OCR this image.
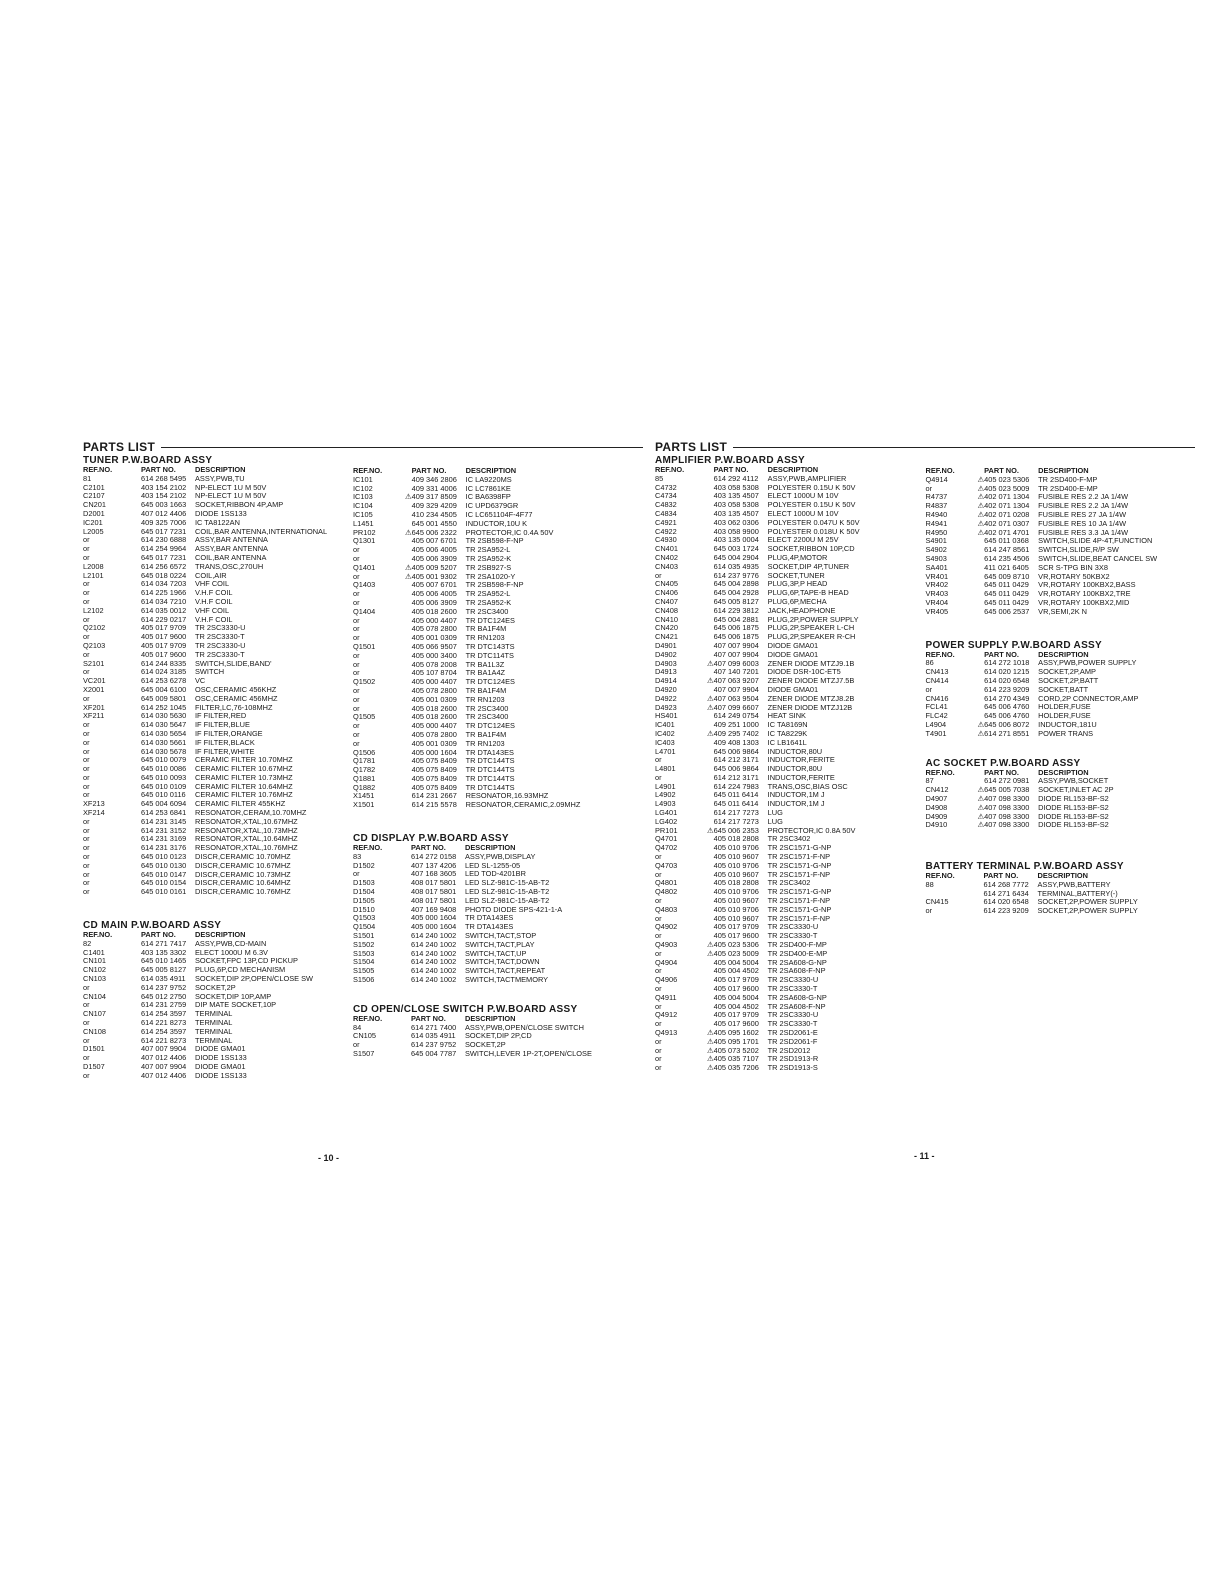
PARTS LIST
TUNER P.W.BOARD ASSY
REF.NO.		PART NO.	DESCRIPTION
81		614 268 5495	ASSY,PWB,TU
C2101		403 154 2102	NP-ELECT 1U M 50V
C2107		403 154 2102	NP-ELECT 1U M 50V
CN201		645 003 1663	SOCKET,RIBBON 4P,AMP
D2001		407 012 4406	DIODE 1SS133
IC201		409 325 7006	IC TA8122AN
L2005		645 017 7231	COIL,BAR ANTENNA,INTERNATIONAL
or		614 230 6888	ASSY,BAR ANTENNA
or		614 254 9964	ASSY,BAR ANTENNA
or		645 017 7231	COIL,BAR ANTENNA
L2008		614 256 6572	TRANS,OSC,270UH
L2101		645 018 0224	COIL,AIR
or		614 034 7203	VHF COIL
or		614 225 1966	V.H.F COIL
or		614 034 7210	V.H.F COIL
L2102		614 035 0012	VHF COIL
or		614 229 0217	V.H.F COIL
Q2102		405 017 9709	TR 2SC3330-U
or		405 017 9600	TR 2SC3330-T
Q2103		405 017 9709	TR 2SC3330-U
or		405 017 9600	TR 2SC3330-T
S2101		614 244 8335	SWITCH,SLIDE,BAND'
or		614 024 3185	SWITCH
VC201		614 253 6278	VC
X2001		645 004 6100	OSC,CERAMIC 456KHZ
or		645 009 5801	OSC,CERAMIC 456MHZ
XF201		614 252 1045	FILTER,LC,76-108MHZ
XF211		614 030 5630	IF FILTER,RED
or		614 030 5647	IF FILTER,BLUE
or		614 030 5654	IF FILTER,ORANGE
or		614 030 5661	IF FILTER,BLACK
or		614 030 5678	IF FILTER,WHITE
or		645 010 0079	CERAMIC FILTER 10.70MHZ
or		645 010 0086	CERAMIC FILTER 10.67MHZ
or		645 010 0093	CERAMIC FILTER 10.73MHZ
or		645 010 0109	CERAMIC FILTER 10.64MHZ
or		645 010 0116	CERAMIC FILTER 10.76MHZ
XF213		645 004 6094	CERAMIC FILTER 455KHZ
XF214		614 253 6841	RESONATOR,CERAM,10.70MHZ
or		614 231 3145	RESONATOR,XTAL,10.67MHZ
or		614 231 3152	RESONATOR,XTAL,10.73MHZ
or		614 231 3169	RESONATOR,XTAL,10.64MHZ
or		614 231 3176	RESONATOR,XTAL,10.76MHZ
or		645 010 0123	DISCR,CERAMIC 10.70MHZ
or		645 010 0130	DISCR,CERAMIC 10.67MHZ
or		645 010 0147	DISCR,CERAMIC 10.73MHZ
or		645 010 0154	DISCR,CERAMIC 10.64MHZ
or		645 010 0161	DISCR,CERAMIC 10.76MHZ
CD MAIN P.W.BOARD ASSY
REF.NO.		PART NO.	DESCRIPTION
82		614 271 7417	ASSY,PWB,CD-MAIN
C1401		403 135 3302	ELECT 1000U M 6.3V
CN101		645 010 1465	SOCKET,FPC 13P,CD PICKUP
CN102		645 005 8127	PLUG,6P,CD MECHANISM
CN103		614 035 4911	SOCKET,DIP 2P,OPEN/CLOSE SW
or		614 237 9752	SOCKET,2P
CN104		645 012 2750	SOCKET,DIP 10P,AMP
or		614 231 2759	DIP MATE SOCKET,10P
CN107		614 254 3597	TERMINAL
or		614 221 8273	TERMINAL
CN108		614 254 3597	TERMINAL
or		614 221 8273	TERMINAL
D1501		407 007 9904	DIODE GMA01
or		407 012 4406	DIODE 1SS133
D1507		407 007 9904	DIODE GMA01
or		407 012 4406	DIODE 1SS133
REF.NO.		PART NO.	DESCRIPTION
IC101		409 346 2806	IC LA9220MS
IC102		409 331 4006	IC LC7861KE
IC103	⚠	409 317 8509	IC BA6398FP
IC104		409 329 4209	IC UPD6379GR
IC105		410 234 4505	IC LC651104F-4F77
L1451		645 001 4550	INDUCTOR,10U K
PR102	⚠	645 006 2322	PROTECTOR,IC 0.4A 50V
Q1301		405 007 6701	TR 2SB598-F-NP
or		405 006 4005	TR 2SA952-L
or		405 006 3909	TR 2SA952-K
Q1401	⚠	405 009 5207	TR 2SB927-S
or	⚠	405 001 9302	TR 2SA1020-Y
Q1403		405 007 6701	TR 2SB598-F-NP
or		405 006 4005	TR 2SA952-L
or		405 006 3909	TR 2SA952-K
Q1404		405 018 2600	TR 2SC3400
or		405 000 4407	TR DTC124ES
or		405 078 2800	TR BA1F4M
or		405 001 0309	TR RN1203
Q1501		405 066 9507	TR DTC143TS
or		405 000 3400	TR DTC114TS
or		405 078 2008	TR BA1L3Z
or		405 107 8704	TR BA1A4Z
Q1502		405 000 4407	TR DTC124ES
or		405 078 2800	TR BA1F4M
or		405 001 0309	TR RN1203
or		405 018 2600	TR 2SC3400
Q1505		405 018 2600	TR 2SC3400
or		405 000 4407	TR DTC124ES
or		405 078 2800	TR BA1F4M
or		405 001 0309	TR RN1203
Q1506		405 000 1604	TR DTA143ES
Q1781		405 075 8409	TR DTC144TS
Q1782		405 075 8409	TR DTC144TS
Q1881		405 075 8409	TR DTC144TS
Q1882		405 075 8409	TR DTC144TS
X1451		614 231 2667	RESONATOR,16.93MHZ
X1501		614 215 5578	RESONATOR,CERAMIC,2.09MHZ
CD DISPLAY P.W.BOARD ASSY
REF.NO.		PART NO.	DESCRIPTION
83		614 272 0158	ASSY,PWB,DISPLAY
D1502		407 137 4206	LED SL-1255-05
or		407 168 3605	LED TOD-4201BR
D1503		408 017 5801	LED SLZ-981C-15-AB-T2
D1504		408 017 5801	LED SLZ-981C-15-AB-T2
D1505		408 017 5801	LED SLZ-981C-15-AB-T2
D1510		407 169 9408	PHOTO DIODE SPS-421-1-A
Q1503		405 000 1604	TR DTA143ES
Q1504		405 000 1604	TR DTA143ES
S1501		614 240 1002	SWITCH,TACT,STOP
S1502		614 240 1002	SWITCH,TACT,PLAY
S1503		614 240 1002	SWITCH,TACT,UP
S1504		614 240 1002	SWITCH,TACT,DOWN
S1505		614 240 1002	SWITCH,TACT,REPEAT
S1506		614 240 1002	SWITCH,TACTMEMORY
CD OPEN/CLOSE SWITCH P.W.BOARD ASSY
REF.NO.		PART NO.	DESCRIPTION
84		614 271 7400	ASSY,PWB,OPEN/CLOSE SWITCH
CN105		614 035 4911	SOCKET,DIP 2P,CD
or		614 237 9752	SOCKET,2P
S1507		645 004 7787	SWITCH,LEVER 1P-2T,OPEN/CLOSE
- 10 -
PARTS LIST
AMPLIFIER P.W.BOARD ASSY
REF.NO.		PART NO.	DESCRIPTION
85		614 292 4112	ASSY,PWB,AMPLIFIER
C4732		403 058 5308	POLYESTER 0.15U K 50V
C4734		403 135 4507	ELECT 1000U M 10V
C4832		403 058 5308	POLYESTER 0.15U K 50V
C4834		403 135 4507	ELECT 1000U M 10V
C4921		403 062 0306	POLYESTER 0.047U K 50V
C4922		403 058 9900	POLYESTER 0.018U K 50V
C4930		403 135 0004	ELECT 2200U M 25V
CN401		645 003 1724	SOCKET,RIBBON 10P,CD
CN402		645 004 2904	PLUG,4P,MOTOR
CN403		614 035 4935	SOCKET,DIP 4P,TUNER
or		614 237 9776	SOCKET,TUNER
CN405		645 004 2898	PLUG,3P,P HEAD
CN406		645 004 2928	PLUG,6P,TAPE-B HEAD
CN407		645 005 8127	PLUG,6P,MECHA
CN408		614 229 3812	JACK,HEADPHONE
CN410		645 004 2881	PLUG,2P,POWER SUPPLY
CN420		645 006 1875	PLUG,2P,SPEAKER L-CH
CN421		645 006 1875	PLUG,2P,SPEAKER R-CH
D4901		407 007 9904	DIODE GMA01
D4902		407 007 9904	DIODE GMA01
D4903	⚠	407 099 6003	ZENER DIODE MTZJ9.1B
D4913		407 140 7201	DIODE DSR-10C-ET5
D4914	⚠	407 063 9207	ZENER DIODE MTZJ7.5B
D4920		407 007 9904	DIODE GMA01
D4922	⚠	407 063 9504	ZENER DIODE MTZJ8.2B
D4923	⚠	407 099 6607	ZENER DIODE MTZJ12B
HS401		614 249 0754	HEAT SINK
IC401		409 251 1000	IC TA8169N
IC402	⚠	409 295 7402	IC TA8229K
IC403		409 408 1303	IC LB1641L
L4701		645 006 9864	INDUCTOR,80U
or		614 212 3171	INDUCTOR,FERITE
L4801		645 006 9864	INDUCTOR,80U
or		614 212 3171	INDUCTOR,FERITE
L4901		614 224 7983	TRANS,OSC,BIAS OSC
L4902		645 011 6414	INDUCTOR,1M J
L4903		645 011 6414	INDUCTOR,1M J
LG401		614 217 7273	LUG
LG402		614 217 7273	LUG
PR101	⚠	645 006 2353	PROTECTOR,IC 0.8A 50V
Q4701		405 018 2808	TR 2SC3402
Q4702		405 010 9706	TR 2SC1571-G-NP
or		405 010 9607	TR 2SC1571-F-NP
Q4703		405 010 9706	TR 2SC1571-G-NP
or		405 010 9607	TR 2SC1571-F-NP
Q4801		405 018 2808	TR 2SC3402
Q4802		405 010 9706	TR 2SC1571-G-NP
or		405 010 9607	TR 2SC1571-F-NP
Q4803		405 010 9706	TR 2SC1571-G-NP
or		405 010 9607	TR 2SC1571-F-NP
Q4902		405 017 9709	TR 2SC3330-U
or		405 017 9600	TR 2SC3330-T
Q4903	⚠	405 023 5306	TR 2SD400-F-MP
or	⚠	405 023 5009	TR 2SD400-E-MP
Q4904		405 004 5004	TR 2SA608-G-NP
or		405 004 4502	TR 2SA608-F-NP
Q4906		405 017 9709	TR 2SC3330-U
or		405 017 9600	TR 2SC3330-T
Q4911		405 004 5004	TR 2SA608-G-NP
or		405 004 4502	TR 2SA608-F-NP
Q4912		405 017 9709	TR 2SC3330-U
or		405 017 9600	TR 2SC3330-T
Q4913	⚠	405 095 1602	TR 2SD2061-E
or	⚠	405 095 1701	TR 2SD2061-F
or	⚠	405 073 5202	TR 2SD2012
or	⚠	405 035 7107	TR 2SD1913-R
or	⚠	405 035 7206	TR 2SD1913-S
REF.NO.		PART NO.	DESCRIPTION
Q4914	⚠	405 023 5306	TR 2SD400-F-MP
or	⚠	405 023 5009	TR 2SD400-E-MP
R4737	⚠	402 071 1304	FUSIBLE RES 2.2 JA 1/4W
R4837	⚠	402 071 1304	FUSIBLE RES 2.2 JA 1/4W
R4940	⚠	402 071 0208	FUSIBLE RES 27 JA 1/4W
R4941	⚠	402 071 0307	FUSIBLE RES 10 JA 1/4W
R4950	⚠	402 071 4701	FUSIBLE RES 3.3 JA 1/4W
S4901		645 011 0368	SWITCH,SLIDE 4P-4T,FUNCTION
S4902		614 247 8561	SWITCH,SLIDE,R/P SW
S4903		614 235 4506	SWITCH,SLIDE,BEAT CANCEL SW
SA401		411 021 6405	SCR S-TPG BIN 3X8
VR401		645 009 8710	VR,ROTARY 50KBX2
VR402		645 011 0429	VR,ROTARY 100KBX2,BASS
VR403		645 011 0429	VR,ROTARY 100KBX2,TRE
VR404		645 011 0429	VR,ROTARY 100KBX2,MID
VR405		645 006 2537	VR,SEMI,2K N
POWER SUPPLY P.W.BOARD ASSY
REF.NO.		PART NO.	DESCRIPTION
86		614 272 1018	ASSY,PWB,POWER SUPPLY
CN413		614 020 1215	SOCKET,2P,AMP
CN414		614 020 6548	SOCKET,2P,BATT
or		614 223 9209	SOCKET,BATT
CN416		614 270 4349	CORD,2P CONNECTOR,AMP
FCL41		645 006 4760	HOLDER,FUSE
FLC42		645 006 4760	HOLDER,FUSE
L4904	⚠	645 006 8072	INDUCTOR,181U
T4901	⚠	614 271 8551	POWER TRANS
AC SOCKET P.W.BOARD ASSY
REF.NO.		PART NO.	DESCRIPTION
87		614 272 0981	ASSY,PWB,SOCKET
CN412	⚠	645 005 7038	SOCKET,INLET AC 2P
D4907	⚠	407 098 3300	DIODE RL153-BF-S2
D4908	⚠	407 098 3300	DIODE RL153-BF-S2
D4909	⚠	407 098 3300	DIODE RL153-BF-S2
D4910	⚠	407 098 3300	DIODE RL153-BF-S2
BATTERY TERMINAL P.W.BOARD ASSY
REF.NO.		PART NO.	DESCRIPTION
88		614 268 7772	ASSY,PWB,BATTERY
		614 271 6434	TERMINAL,BATTERY(-)
CN415		614 020 6548	SOCKET,2P,POWER SUPPLY
or		614 223 9209	SOCKET,2P,POWER SUPPLY
- 11 -
